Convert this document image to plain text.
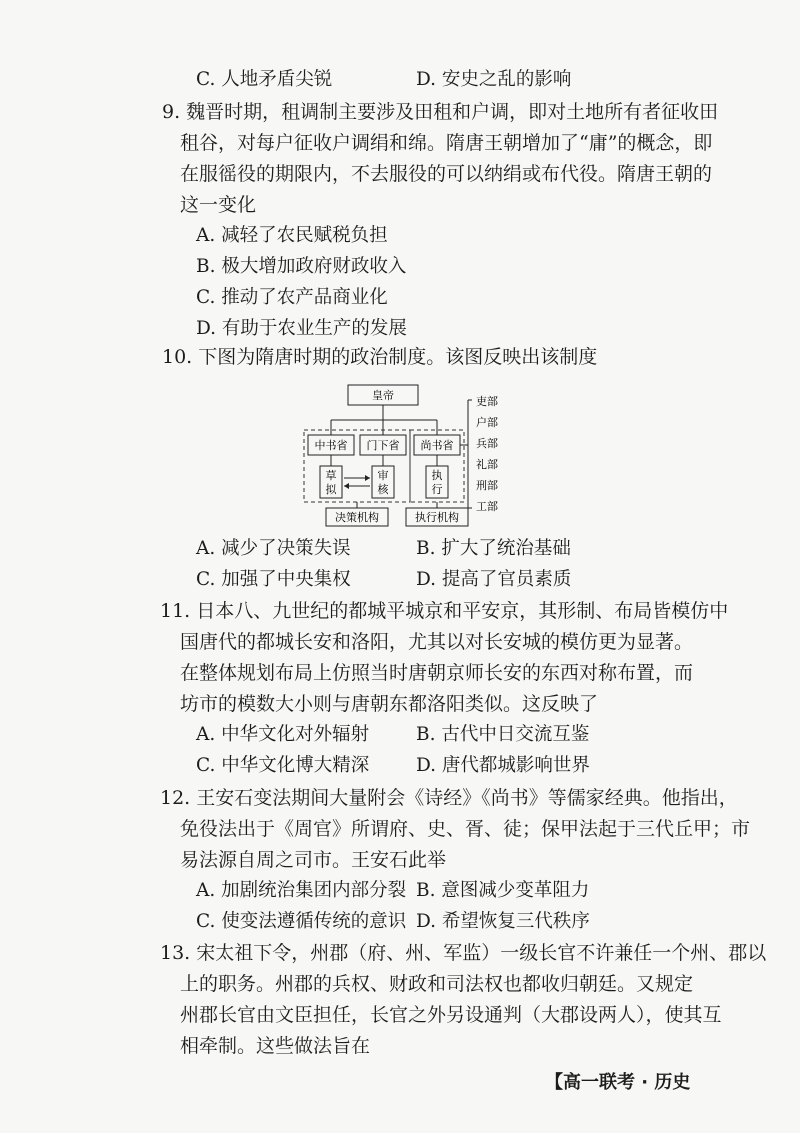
C. 人地矛盾尖锐	D. 安史之乱的影响
9. 魏晋时期，租调制主要涉及田租和户调，即对土地所有者征收田
租谷，对每户征收户调绢和绵。隋唐王朝增加了“庸”的概念，即
在服徭役的期限内，不去服役的可以纳绢或布代役。隋唐王朝的
这一变化
A. 减轻了农民赋税负担
B. 极大增加政府财政收入
C. 推动了农产品商业化
D. 有助于农业生产的发展
10. 下图为隋唐时期的政治制度。该图反映出该制度
皇帝
中书省 门下省 尚书省
草
拟
审
核
执
行
决策机构	执行机构
吏部
户部
兵部
礼部
刑部
工部
A. 减少了决策失误	B. 扩大了统治基础
C. 加强了中央集权	D. 提高了官员素质
11. 日本八、九世纪的都城平城京和平安京，其形制、布局皆模仿中
国唐代的都城长安和洛阳，尤其以对长安城的模仿更为显著。
在整体规划布局上仿照当时唐朝京师长安的东西对称布置，而
坊市的模数大小则与唐朝东都洛阳类似。这反映了
A. 中华文化对外辐射	B. 古代中日交流互鉴
C. 中华文化博大精深	D. 唐代都城影响世界
12. 王安石变法期间大量附会《诗经》《尚书》等儒家经典。他指出，
免役法出于《周官》所谓府、史、胥、徒；保甲法起于三代丘甲；市
易法源自周之司市。王安石此举
A. 加剧统治集团内部分裂 B. 意图减少变革阻力
C. 使变法遵循传统的意识 D. 希望恢复三代秩序
13. 宋太祖下令，州郡（府、州、军监）一级长官不许兼任一个州、郡以
上的职务。州郡的兵权、财政和司法权也都收归朝廷。又规定
州郡长官由文臣担任，长官之外另设通判（大郡设两人），使其互
相牵制。这些做法旨在
【高一联考 · 历史
